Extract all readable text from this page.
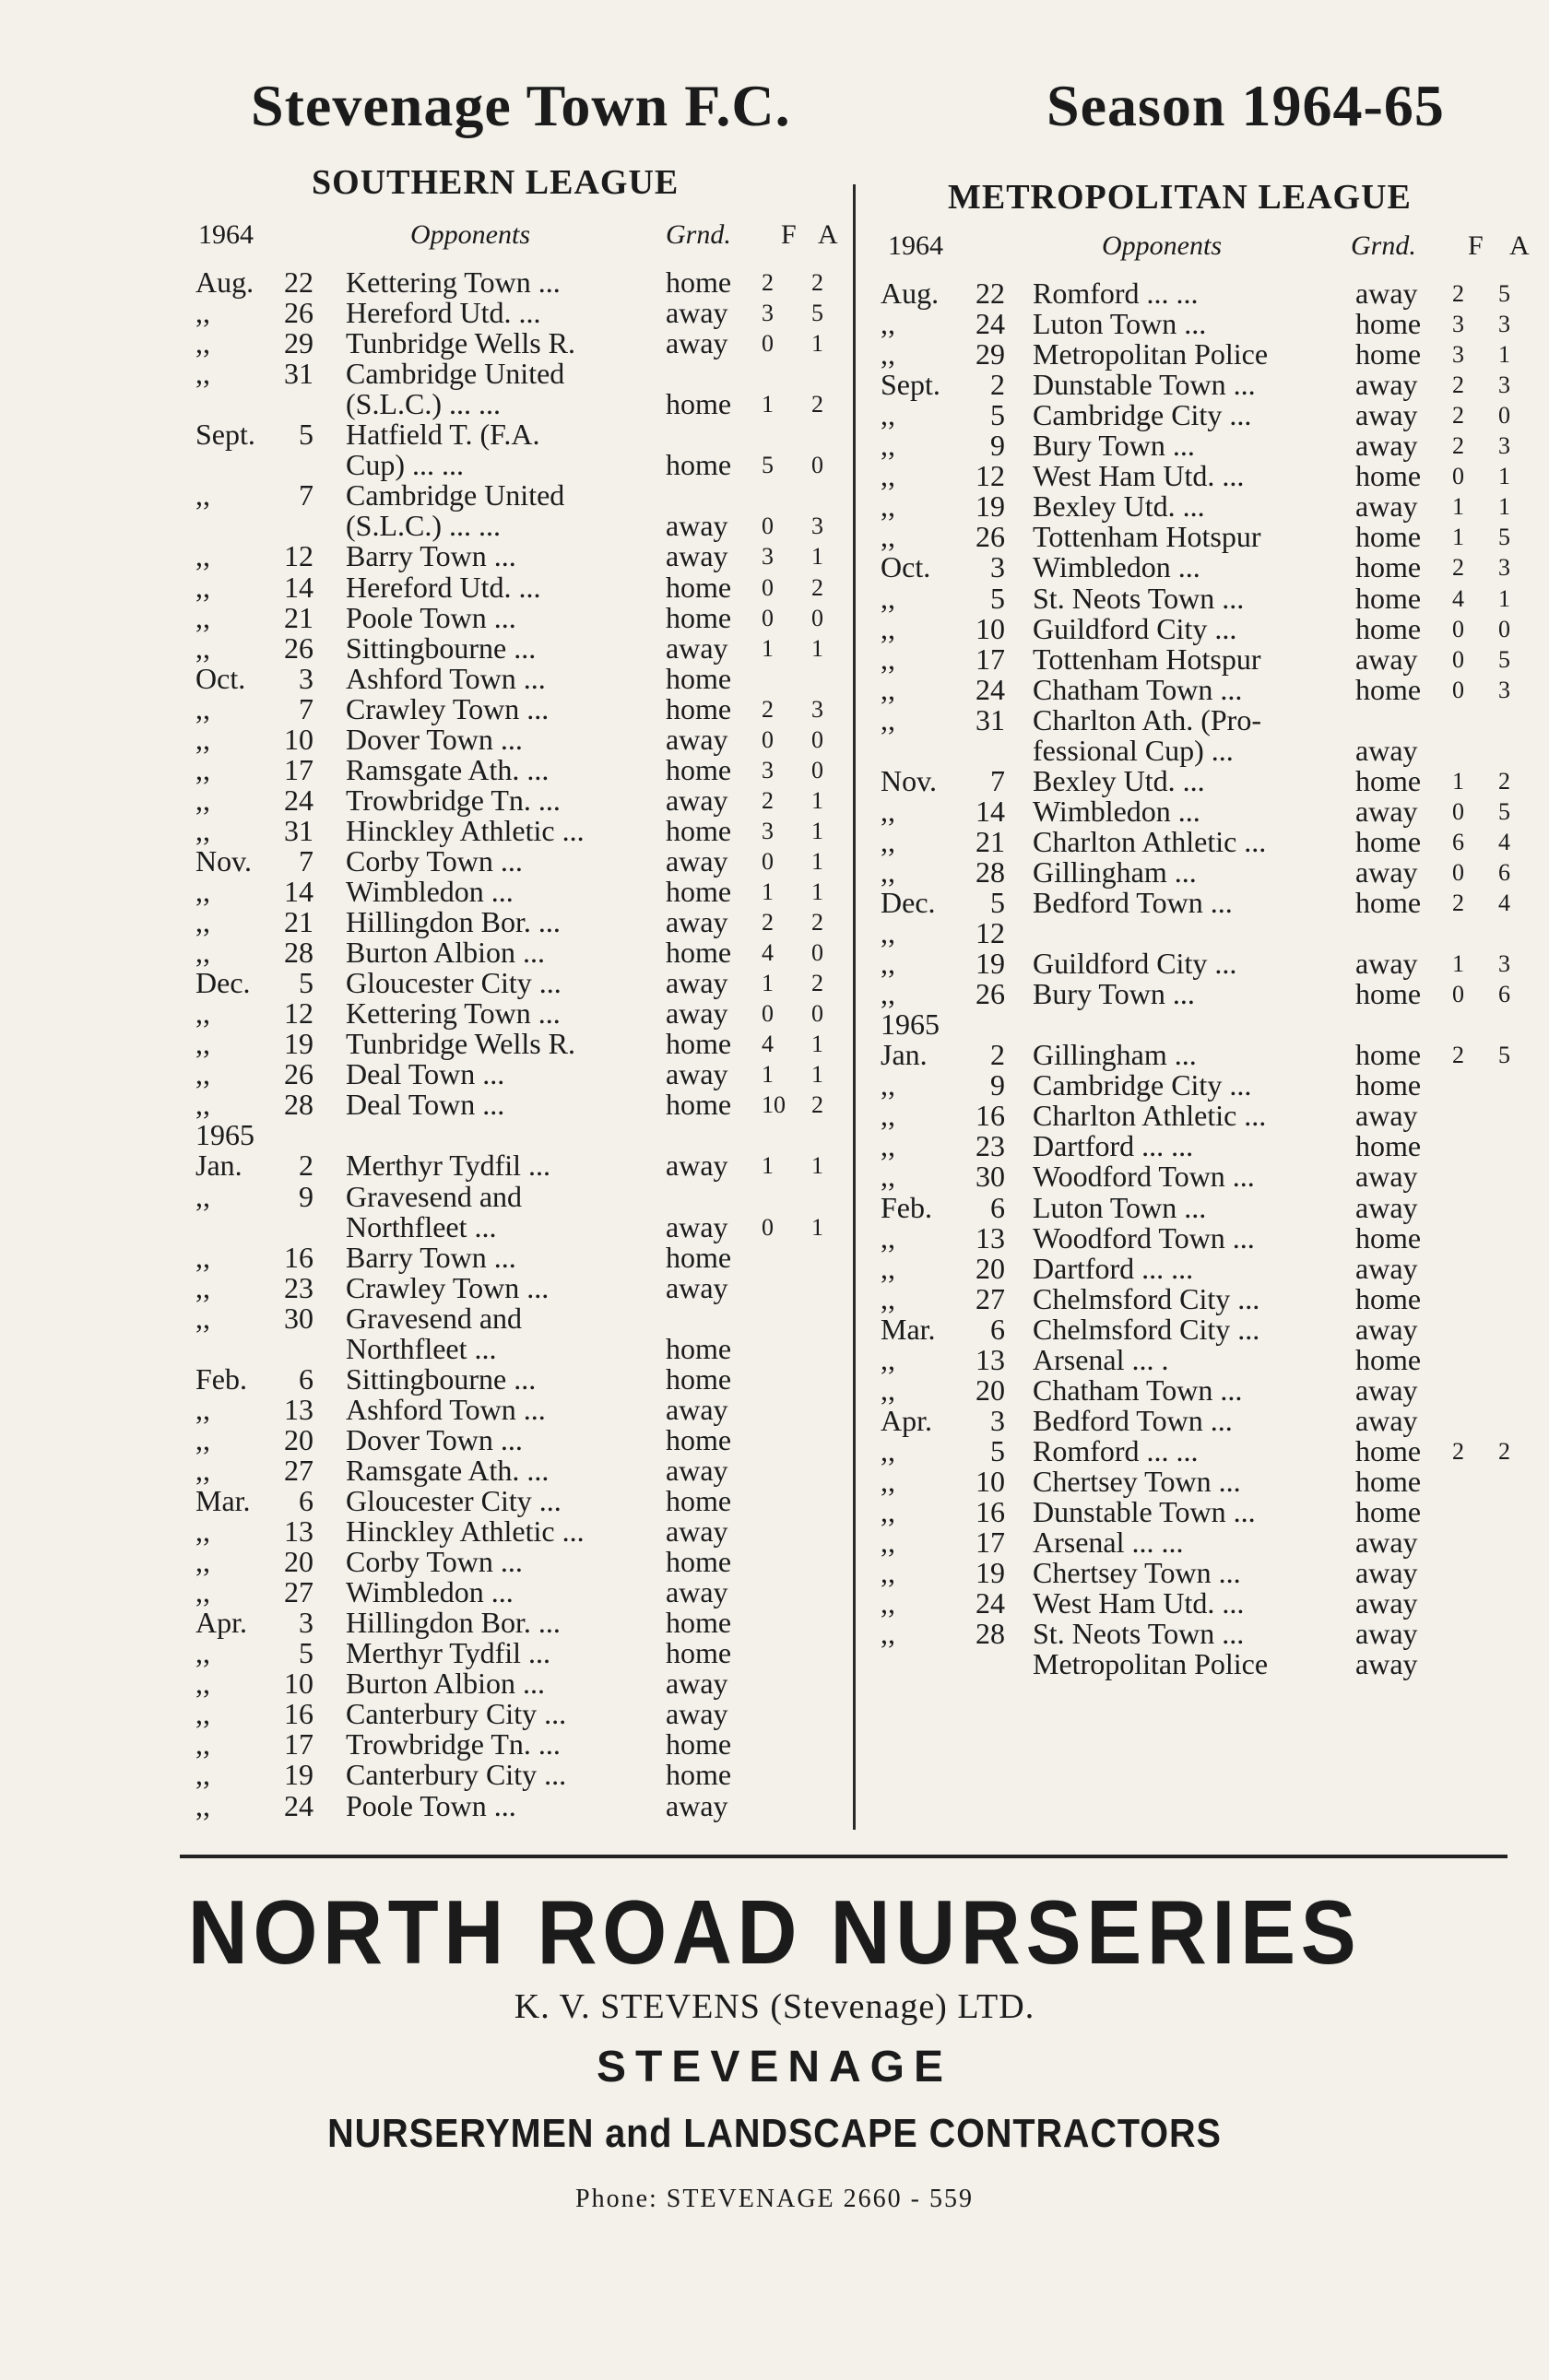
Stevenage Town F.C.	Season 1964-65
SOUTHERN LEAGUE	METROPOLITAN LEAGUE
1964	Opponents	Grnd. F A 1964	Opponents	Grnd. F A
Aug. 22 Kettering Town ...	home 2 2
,,	26 Hereford Utd. ...	away 3 5
,,	29 Tunbridge Wells R.	away 0 1
,,	31 Cambridge United
(S.L.C.) ... ...	home 1 2
Sept.	5 Hatfield T. (F.A.
Cup) ... ...	home 5 0
,,	7 Cambridge United
(S.L.C.) ... ...	away 0 3
,,	12 Barry Town ...	away 3 1
,,	14 Hereford Utd. ...	home 0 2
,,	21 Poole Town ...	home 0 0
,,	26 Sittingbourne ...	away 1 1
Oct.	3 Ashford Town ...	home
,,	7 Crawley Town ...	home 2 3
,,	10 Dover Town ...	away 0 0
,,	17 Ramsgate Ath. ...	home 3 0
,,	24 Trowbridge Tn. ...	away 2 1
,,	31 Hinckley Athletic ...	home 3 1
Nov.	7 Corby Town ...	away 0 1
,,	14 Wimbledon ...	home 1 1
,,	21 Hillingdon Bor. ...	away 2 2
,,	28 Burton Albion ...	home 4 0
Dec.	5 Gloucester City ...	away 1 2
,,	12 Kettering Town ...	away 0 0
,,	19 Tunbridge Wells R.	home 4 1
,,	26 Deal Town ...	away 1 1
,,	28 Deal Town ...	home 10 2
1965
Jan.	2 Merthyr Tydfil ...	away 1 1
,,	9 Gravesend and
Northfleet ...	away 0 1
,,	16 Barry Town ...	home
,,	23 Crawley Town ...	away
,,	30 Gravesend and
Northfleet ...	home
Feb.	6 Sittingbourne ...	home
,,	13 Ashford Town ...	away
,,	20 Dover Town ...	home
,,	27 Ramsgate Ath. ...	away
Mar.	6 Gloucester City ...	home
,,	13 Hinckley Athletic ...	away
,,	20 Corby Town ...	home
,,	27 Wimbledon ...	away
Apr.	3 Hillingdon Bor. ...	home
,,	5 Merthyr Tydfil ...	home
,,	10 Burton Albion ...	away
,,	16 Canterbury City ...	away
,,	17 Trowbridge Tn. ...	home
,,	19 Canterbury City ...	home
,,	24 Poole Town ...	away
Aug. 22 Romford ... ...	away 2 5
,,	24 Luton Town ...	home 3 3
,,	29 Metropolitan Police	home 3 1
Sept.	2 Dunstable Town ...	away 2 3
,,	5 Cambridge City ...	away 2 0
,,	9 Bury Town ...	away 2 3
,,	12 West Ham Utd. ...	home 0 1
,,	19 Bexley Utd. ...	away 1 1
,,	26 Tottenham Hotspur	home 1 5
Oct.	3 Wimbledon ...	home 2 3
,,	5 St. Neots Town ...	home 4 1
,,	10 Guildford City ...	home 0 0
,,	17 Tottenham Hotspur	away 0 5
,,	24 Chatham Town ...	home 0 3
,,	31 Charlton Ath. (Pro-
fessional Cup) ...	away
Nov.	7 Bexley Utd. ...	home 1 2
,,	14 Wimbledon ...	away 0 5
,,	21 Charlton Athletic ...	home 6 4
,,	28 Gillingham ...	away 0 6
Dec.	5 Bedford Town ...	home 2 4
,,	12
,,	19 Guildford City ...	away 1 3
,,	26 Bury Town ...	home 0 6
1965
Jan.	2 Gillingham ...	home 2 5
,,	9 Cambridge City ...	home
,,	16 Charlton Athletic ...	away
,,	23 Dartford ... ...	home
,,	30 Woodford Town ...	away
Feb.	6 Luton Town ...	away
,,	13 Woodford Town ...	home
,,	20 Dartford ... ...	away
,,	27 Chelmsford City ...	home
Mar.	6 Chelmsford City ...	away
,,	13 Arsenal ... .	home
,,	20 Chatham Town ...	away
Apr.	3 Bedford Town ...	away
,,	5 Romford ... ...	home 2 2
,,	10 Chertsey Town ...	home
,,	16 Dunstable Town ...	home
,,	17 Arsenal ... ...	away
,,	19 Chertsey Town ...	away
,,	24 West Ham Utd. ...	away
,,	28 St. Neots Town ...	away
Metropolitan Police	away
NORTH ROAD NURSERIES
K. V. STEVENS (Stevenage) LTD.
STEVENAGE
NURSERYMEN and LANDSCAPE CONTRACTORS
Phone: STEVENAGE 2660 - 559
